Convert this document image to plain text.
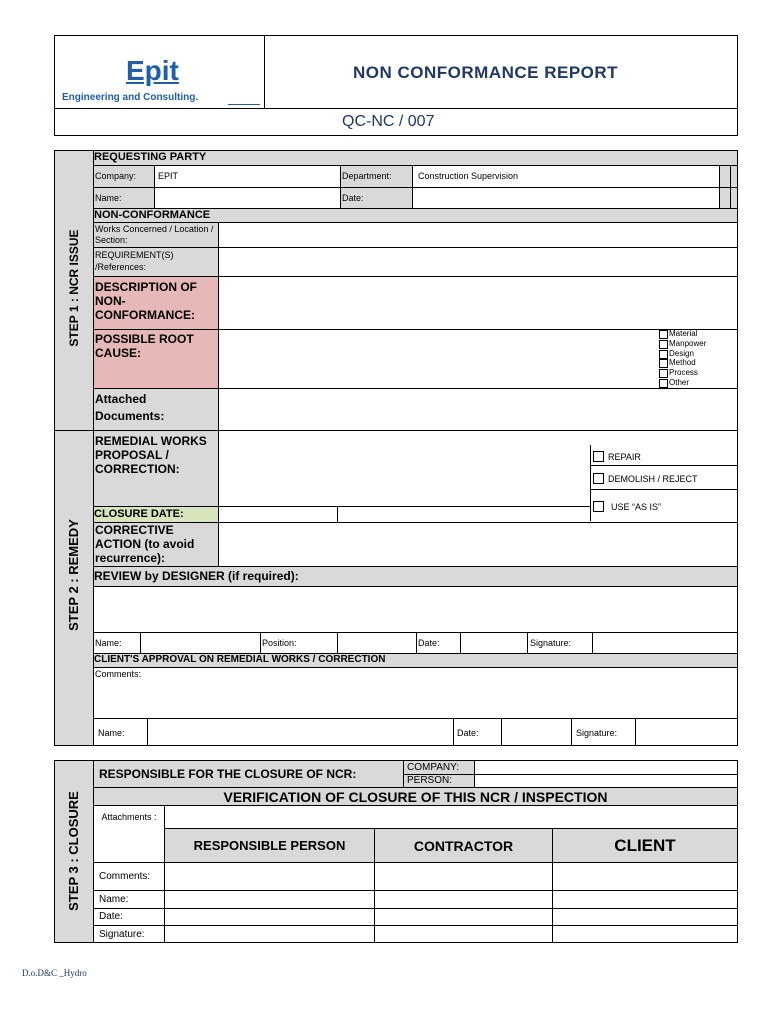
Epit
Engineering and Consulting.
NON CONFORMANCE REPORT
QC-NC / 007
STEP 1 : NCR ISSUE
STEP 2 : REMEDY
REQUESTING PARTY
Company: EPIT	Department:	Construction Supervision
Name:	Date:
NON-CONFORMANCE
Works Concerned / Location / Section:
REQUIREMENT(S) /References:
DESCRIPTION OF NON-CONFORMANCE:
POSSIBLE ROOT CAUSE:
Material
Manpower
Design
Method
Process
Other
Attached Documents:
REMEDIAL WORKS PROPOSAL / CORRECTION:
REPAIR
DEMOLISH / REJECT
USE “AS IS”
CLOSURE DATE:
CORRECTIVE ACTION (to avoid recurrence):
REVIEW by DESIGNER (if required):
Name:	Position:	Date:	Signature:
CLIENT'S APPROVAL ON REMEDIAL WORKS / CORRECTION
Comments:
Name:	Date:	Signature:
STEP 3 : CLOSURE
RESPONSIBLE FOR THE CLOSURE OF NCR:	COMPANY:
PERSON:
VERIFICATION OF CLOSURE OF THIS NCR / INSPECTION
Attachments :
RESPONSIBLE PERSON	CONTRACTOR	CLIENT
Comments:
Name:
Date:
Signature:
D.o.D&C _Hydro
